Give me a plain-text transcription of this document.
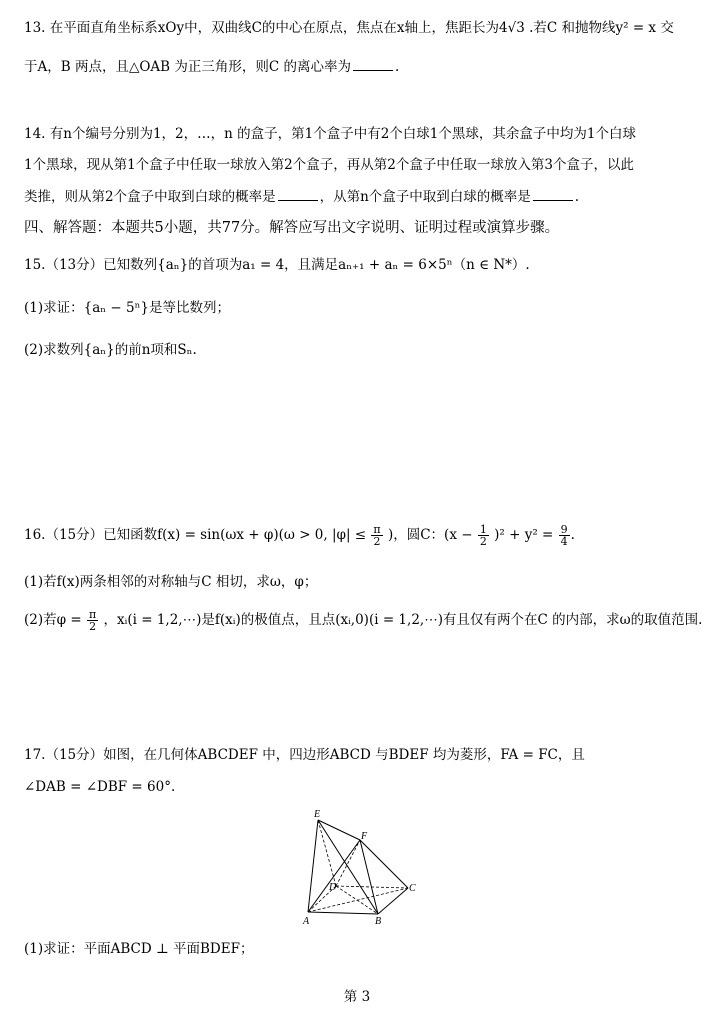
13. 在平面直角坐标系xOy中，双曲线C的中心在原点，焦点在x轴上，焦距长为4√3 .若C 和抛物线y² = x 交
于A，B 两点，且△OAB 为正三角形，则C 的离心率为	.
14. 有n个编号分别为1，2，…，n 的盒子，第1个盒子中有2个白球1个黑球，其余盒子中均为1个白球
1个黑球，现从第1个盒子中任取一球放入第2个盒子，再从第2个盒子中任取一球放入第3个盒子，以此
类推，则从第2个盒子中取到白球的概率是	，从第n个盒子中取到白球的概率是	.
四、解答题：本题共5小题，共77分。解答应写出文字说明、证明过程或演算步骤。
15.（13分）已知数列{aₙ}的首项为a₁ = 4，且满足aₙ₊₁ + aₙ = 6×5ⁿ（n ∈ N*）.
(1)求证：{aₙ − 5ⁿ}是等比数列；
(2)求数列{aₙ}的前n项和Sₙ.
16.（15分）已知函数f(x) = sin(ωx + φ)(ω > 0, $|\varphi| \le \frac{\pi}{2}$ )，圆C：$(x - \frac{1}{2} )^2 + y^2 = \frac{9}{4}$ .
(1)若f(x)两条相邻的对称轴与C 相切，求ω，φ；
(2)若$\varphi = \frac{\pi}{2}$ ，xᵢ(i = 1,2,⋯)是f(xᵢ)的极值点，且点(xᵢ,0)(i = 1,2,⋯)有且仅有两个在C 的内部，求ω的取值范围.
17.（15分）如图，在几何体ABCDEF 中，四边形ABCD 与BDEF 均为菱形，FA = FC，且
∠DAB = ∠DBF = 60°.
E
F
D	C
A	B
(1)求证：平面ABCD ⊥ 平面BDEF；
第 3
